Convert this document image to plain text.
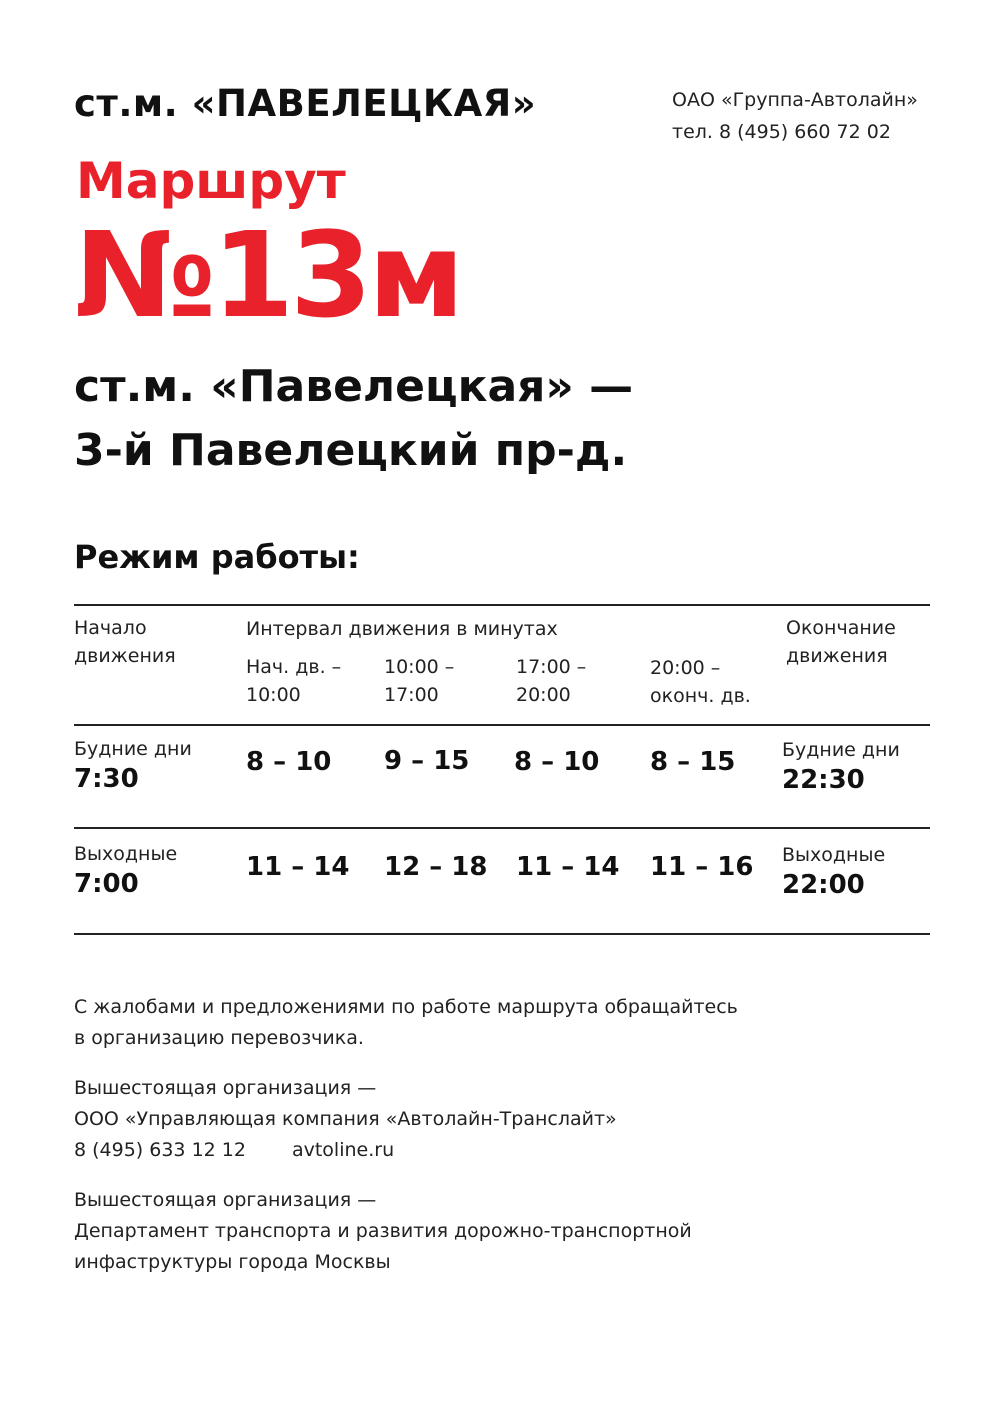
ст.м. «ПАВЕЛЕЦКАЯ»	ОАО «Группа-Автолайн»
тел. 8 (495) 660 72 02
Маршрут
№13м
ст.м. «Павелецкая» —
3-й Павелецкий пр-д.
Режим работы:
Начало
движения
Интервал движения в минутах
Нач. дв. –
10:00
10:00 –
17:00
17:00 –
20:00
20:00 –
оконч. дв.
Окончание
движения
Будние дни
7:30
8 – 10 9 – 15 8 – 10 8 – 15 Будние дни
22:30
Выходные
7:00
11 – 14 12 – 18 11 – 14 11 – 16 Выходные
22:00
С жалобами и предложениями по работе маршрута обращайтесь
в организацию перевозчика.
Вышестоящая организация —
ООО «Управляющая компания «Автолайн-Транслайт»
8 (495) 633 12 12 avtoline.ru
Вышестоящая организация —
Департамент транспорта и развития дорожно-транспортной
инфаструктуры города Москвы
